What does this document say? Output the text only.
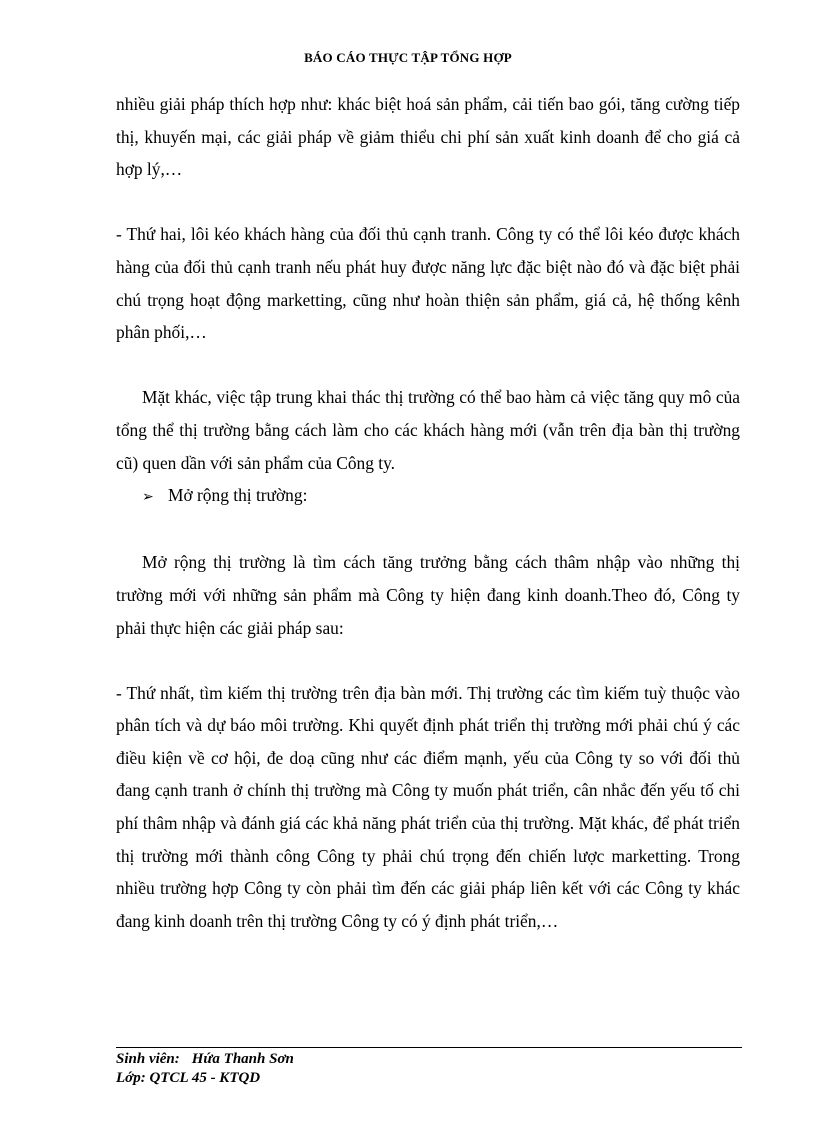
BÁO CÁO THỰC TẬP TỔNG HỢP

nhiều giải pháp thích hợp như: khác biệt hoá sản phẩm, cải tiến bao gói, tăng cường tiếp thị, khuyến mại, các giải pháp về giảm thiểu chi phí sản xuất kinh doanh để cho giá cả hợp lý,…

- Thứ hai, lôi kéo khách hàng của đối thủ cạnh tranh. Công ty có thể lôi kéo được khách hàng của đối thủ cạnh tranh nếu phát huy được năng lực đặc biệt nào đó và đặc biệt phải chú trọng hoạt động marketting, cũng như hoàn thiện sản phẩm, giá cả, hệ thống kênh phân phối,…

Mặt khác, việc tập trung khai thác thị trường có thể bao hàm cả việc tăng quy mô của tổng thể thị trường bằng cách làm cho các khách hàng mới (vẫn trên địa bàn thị trường cũ) quen dần với sản phẩm của Công ty.

➢ Mở rộng thị trường:

Mở rộng thị trường là tìm cách tăng trưởng bằng cách thâm nhập vào những thị trường mới với những sản phẩm mà Công ty hiện đang kinh doanh.Theo đó, Công ty phải thực hiện các giải pháp sau:

- Thứ nhất, tìm kiếm thị trường trên địa bàn mới. Thị trường các tìm kiếm tuỳ thuộc vào phân tích và dự báo môi trường. Khi quyết định phát triển thị trường mới phải chú ý các điều kiện về cơ hội, đe doạ cũng như các điểm mạnh, yếu của Công ty so với đối thủ đang cạnh tranh ở chính thị trường mà Công ty muốn phát triển, cân nhắc đến yếu tố chi phí thâm nhập và đánh giá các khả năng phát triển của thị trường. Mặt khác, để phát triển thị trường mới thành công Công ty phải chú trọng đến chiến lược marketting. Trong nhiều trường hợp Công ty còn phải tìm đến các giải pháp liên kết với các Công ty khác đang kinh doanh trên thị trường Công ty có ý định phát triển,…

Sinh viên: Hứa Thanh Sơn
Lớp: QTCL 45 - KTQD
